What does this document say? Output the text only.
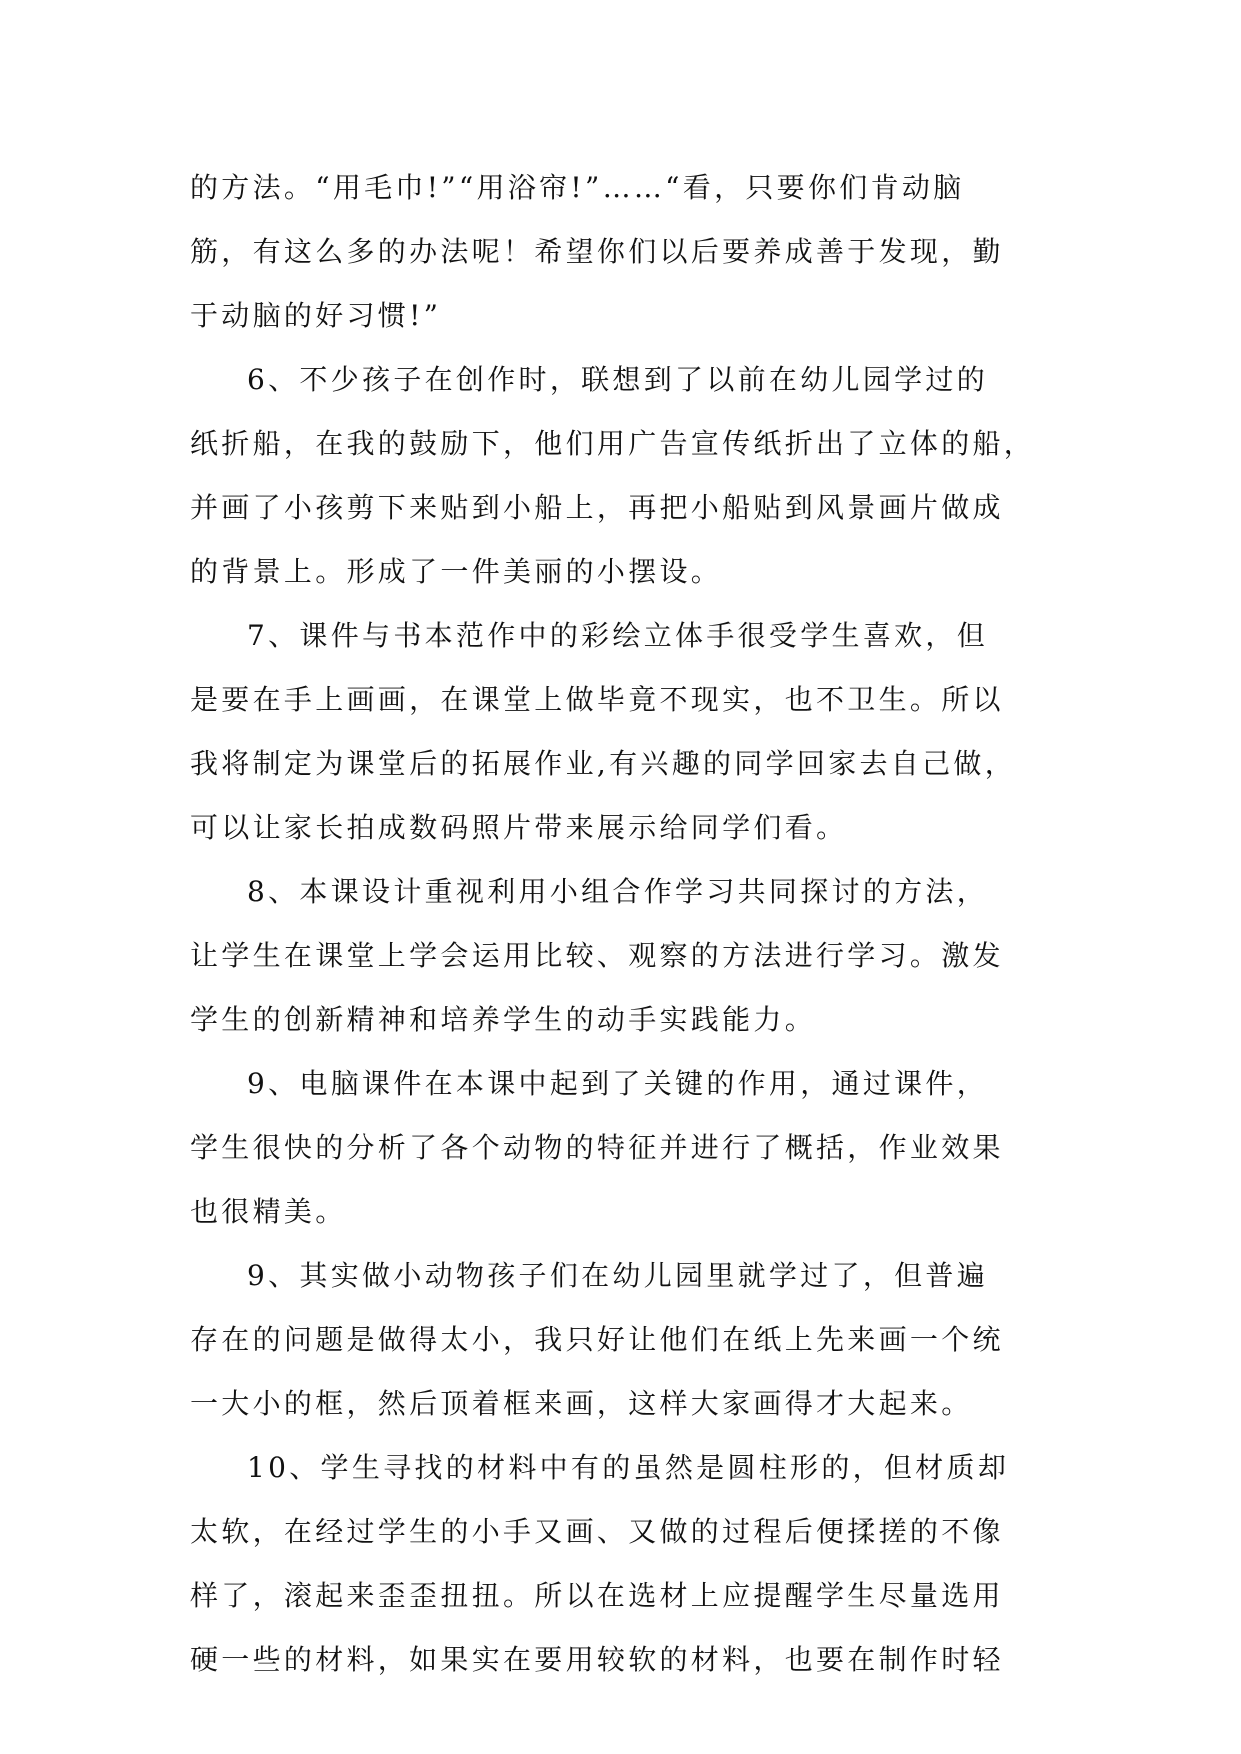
的方法。“用毛巾!”“用浴帘!”……“看，只要你们肯动脑
筋，有这么多的办法呢！希望你们以后要养成善于发现，勤
于动脑的好习惯!”
6、不少孩子在创作时，联想到了以前在幼儿园学过的
纸折船，在我的鼓励下，他们用广告宣传纸折出了立体的船，
并画了小孩剪下来贴到小船上，再把小船贴到风景画片做成
的背景上。形成了一件美丽的小摆设。
7、课件与书本范作中的彩绘立体手很受学生喜欢，但
是要在手上画画，在课堂上做毕竟不现实，也不卫生。所以
我将制定为课堂后的拓展作业,有兴趣的同学回家去自己做，
可以让家长拍成数码照片带来展示给同学们看。
8、本课设计重视利用小组合作学习共同探讨的方法，
让学生在课堂上学会运用比较、观察的方法进行学习。激发
学生的创新精神和培养学生的动手实践能力。
9、电脑课件在本课中起到了关键的作用，通过课件，
学生很快的分析了各个动物的特征并进行了概括，作业效果
也很精美。
9、其实做小动物孩子们在幼儿园里就学过了，但普遍
存在的问题是做得太小，我只好让他们在纸上先来画一个统
一大小的框，然后顶着框来画，这样大家画得才大起来。
10、学生寻找的材料中有的虽然是圆柱形的，但材质却
太软，在经过学生的小手又画、又做的过程后便揉搓的不像
样了，滚起来歪歪扭扭。所以在选材上应提醒学生尽量选用
硬一些的材料，如果实在要用较软的材料，也要在制作时轻
